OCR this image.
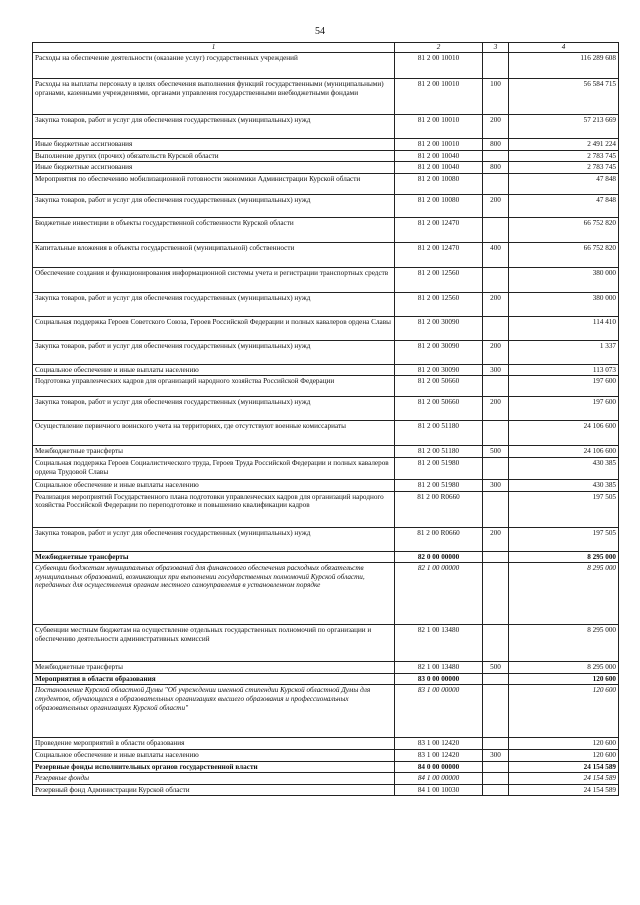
54
1	2	3	4
Расходы на обеспечение деятельности (оказание услуг) государственных учреждений	81 2 00 10010		116 289 608
Расходы на выплаты персоналу в целях обеспечения выполнения функций государственными (муниципальными) органами, казенными учреждениями, органами управления государственными внебюджетными фондами	81 2 00 10010	100	56 584 715
Закупка товаров, работ и услуг для обеспечения государственных (муниципальных) нужд	81 2 00 10010	200	57 213 669
Иные бюджетные ассигнования	81 2 00 10010	800	2 491 224
Выполнение других (прочих) обязательств Курской области	81 2 00 10040		2 783 745
Иные бюджетные ассигнования	81 2 00 10040	800	2 783 745
Мероприятия по обеспечению мобилизационной готовности экономики Администрации Курской области	81 2 00 10080		47 848
Закупка товаров, работ и услуг для обеспечения государственных (муниципальных) нужд	81 2 00 10080	200	47 848
Бюджетные инвестиции в объекты государственной собственности Курской области	81 2 00 12470		66 752 820
Капитальные вложения в объекты государственной (муниципальной) собственности	81 2 00 12470	400	66 752 820
Обеспечение создания и функционирования информационной системы учета и регистрации транспортных средств	81 2 00 12560		380 000
Закупка товаров, работ и услуг для обеспечения государственных (муниципальных) нужд	81 2 00 12560	200	380 000
Социальная поддержка Героев Советского Союза, Героев Российской Федерации и полных кавалеров ордена Славы	81 2 00 30090		114 410
Закупка товаров, работ и услуг для обеспечения государственных (муниципальных) нужд	81 2 00 30090	200	1 337
Социальное обеспечение и иные выплаты населению	81 2 00 30090	300	113 073
Подготовка управленческих кадров для организаций народного хозяйства Российской Федерации	81 2 00 50660		197 600
Закупка товаров, работ и услуг для обеспечения государственных (муниципальных) нужд	81 2 00 50660	200	197 600
Осуществление первичного воинского учета на территориях, где отсутствуют военные комиссариаты	81 2 00 51180		24 106 600
Межбюджетные трансферты	81 2 00 51180	500	24 106 600
Социальная поддержка Героев Социалистического труда, Героев Труда Российской Федерации и полных кавалеров ордена Трудовой Славы	81 2 00 51980		430 385
Социальное обеспечение и иные выплаты населению	81 2 00 51980	300	430 385
Реализация мероприятий Государственного плана подготовки управленческих кадров для организаций народного хозяйства Российской Федерации по переподготовке и повышению квалификации кадров	81 2 00 R0660		197 505
Закупка товаров, работ и услуг для обеспечения государственных (муниципальных) нужд	81 2 00 R0660	200	197 505
Межбюджетные трансферты	82 0 00 00000		8 295 000
Субвенции бюджетам муниципальных образований для финансового обеспечения расходных обязательств муниципальных образований, возникающих при выполнении государственных полномочий Курской области, переданных для осуществления органам местного самоуправления в установленном порядке	82 1 00 00000		8 295 000
Субвенции местным бюджетам на осуществление отдельных государственных полномочий по организации и обеспечению деятельности административных комиссий	82 1 00 13480		8 295 000
Межбюджетные трансферты	82 1 00 13480	500	8 295 000
Мероприятия в области образования	83 0 00 00000		120 600
Постановление Курской областной Думы "Об учреждении именной стипендии Курской областной Думы для студентов, обучающихся в образовательных организациях высшего образования и профессиональных образовательных организациях Курской области"	83 1 00 00000		120 600
Проведение мероприятий в области образования	83 1 00 12420		120 600
Социальное обеспечение и иные выплаты населению	83 1 00 12420	300	120 600
Резервные фонды исполнительных органов государственной власти	84 0 00 00000		24 154 589
Резервные фонды	84 1 00 00000		24 154 589
Резервный фонд Администрации Курской области	84 1 00 10030		24 154 589
